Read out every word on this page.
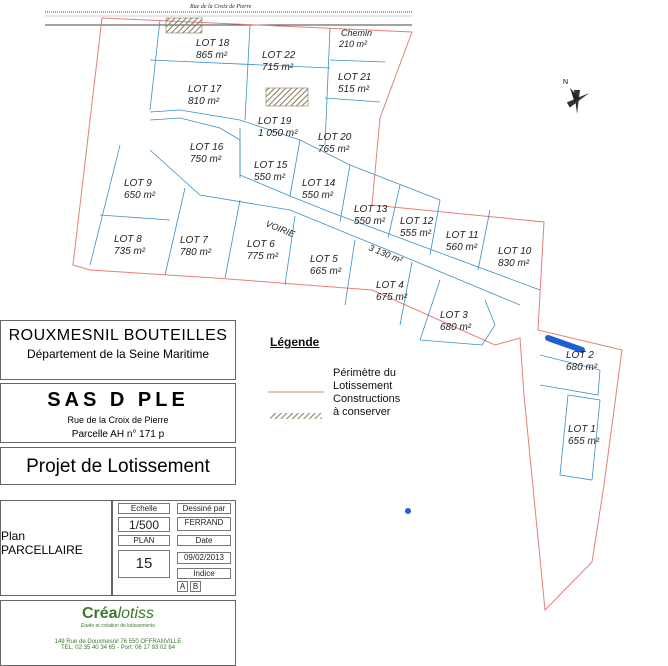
Rue de la Croix de Pierre
N
LOT 18
865 m²	LOT 22
715 m²
LOT 21
515 m²
LOT 17
810 m²
LOT 19
1 050 m² LOT 20
765 m²
LOT 16
750 m²
LOT 15
550 m²
LOT 14
550 m²
LOT 13
550 m² LOT 12
555 m² LOT 11
560 m² LOT 10
830 m²
LOT 9
650 m²
LOT 8
735 m²
LOT 7
780 m²
LOT 6
775 m²	LOT 5
665 m²
LOT 4
675 m²
LOT 3
680 m²
LOT 2
680 m²
LOT 1
655 m²
Chemin
210 m²
VOIRIE
3 130 m²
Légende
Périmètre du
Lotissement
Constructions
à conserver
ROUXMESNIL BOUTEILLES
Département de la Seine Maritime
SAS D PLE
Rue de la Croix de Pierre
Parcelle AH n° 171 p
Projet de Lotissement
Plan
PARCELLAIRE
Echelle
1/500
PLAN
15
Dessiné par
FERRAND
Date
09/02/2013
Indice
A B
Créalotiss
Etude et création de lotissements
149 Rue de Douxmesnil 76 550 OFFRANVILLE
TEL. 02 35 40 34 65 - Port: 06 17 93 02 84
